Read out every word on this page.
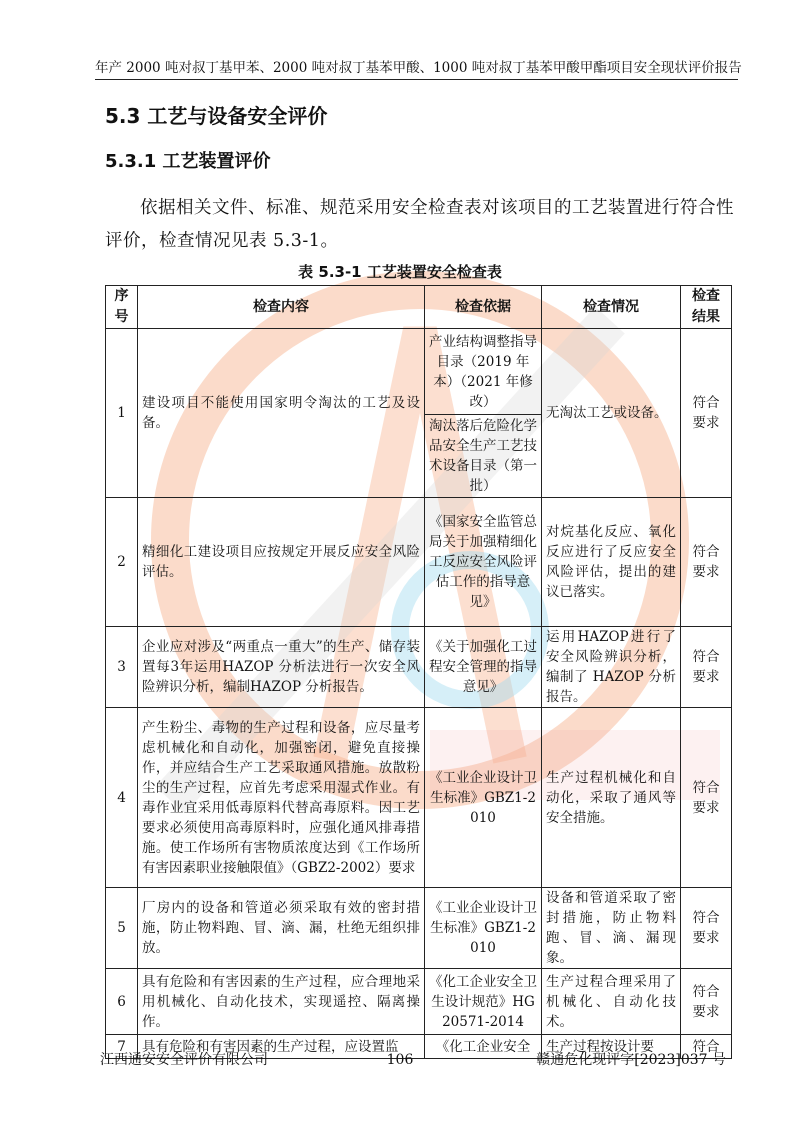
年产 2000 吨对叔丁基甲苯、2000 吨对叔丁基苯甲酸、1000 吨对叔丁基苯甲酸甲酯项目安全现状评价报告
5.3 工艺与设备安全评价
5.3.1 工艺装置评价

依据相关文件、标准、规范采用安全检查表对该项目的工艺装置进行符合性评价，检查情况见表 5.3-1。

表 5.3-1 工艺装置安全检查表
序号	检查内容	检查依据	检查情况	检查结果
1	建设项目不能使用国家明令淘汰的工艺及设备。	产业结构调整指导目录（2019 年本）（2021 年修改）	无淘汰工艺或设备。	符合要求
		淘汰落后危险化学品安全生产工艺技术设备目录（第一批）		
2	精细化工建设项目应按规定开展反应安全风险评估。	《国家安全监管总局关于加强精细化工反应安全风险评估工作的指导意见》	对烷基化反应、氧化反应进行了反应安全风险评估，提出的建议已落实。	符合要求
3	企业应对涉及“两重点一重大”的生产、储存装置每3年运用HAZOP 分析法进行一次安全风险辨识分析，编制HAZOP 分析报告。	《关于加强化工过程安全管理的指导意见》	运用HAZOP进行了安全风险辨识分析，编制了 HAZOP 分析报告。	符合要求
4	产生粉尘、毒物的生产过程和设备，应尽量考虑机械化和自动化，加强密闭，避免直接操作，并应结合生产工艺采取通风措施。放散粉尘的生产过程，应首先考虑采用湿式作业。有毒作业宜采用低毒原料代替高毒原料。因工艺要求必须使用高毒原料时，应强化通风排毒措施。使工作场所有害物质浓度达到《工作场所有害因素职业接触限值》（GBZ2-2002）要求	《工业企业设计卫生标准》GBZ1-2010	生产过程机械化和自动化，采取了通风等安全措施。	符合要求
5	厂房内的设备和管道必须采取有效的密封措施，防止物料跑、冒、滴、漏，杜绝无组织排放。	《工业企业设计卫生标准》GBZ1-2010	设备和管道采取了密封措施，防止物料跑、冒、滴、漏现象。	符合要求
6	具有危险和有害因素的生产过程，应合理地采用机械化、自动化技术，实现遥控、隔离操作。	《化工企业安全卫生设计规范》HG20571-2014	生产过程合理采用了机械化、自动化技术。	符合要求
7	具有危险和有害因素的生产过程，应设置监	《化工企业安全	生产过程按设计要	符合
江西通安安全评价有限公司	106	赣通危化现评字[2023]037 号
